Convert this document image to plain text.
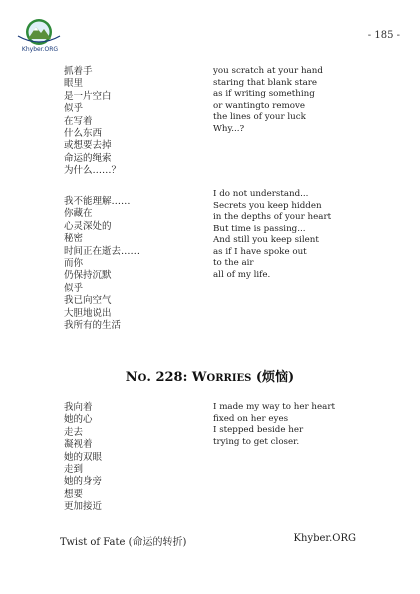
Khyber.ORG
- 185 -
抓着手
眼里
是一片空白
似乎
在写着
什么东西
或想要去掉
命运的绳索
为什么……？
you scratch at your hand
staring that blank stare
as if writing something
or wantingto remove
the lines of your luck
Why...?
我不能理解……
你藏在
心灵深处的
秘密
时间正在逝去……
而你
仍保持沉默
似乎
我已向空气
大胆地说出
我所有的生活
I do not understand...
Secrets you keep hidden
in the depths of your heart
But time is passing...
And still you keep silent
as if I have spoke out
to the air
all of my life.
NO. 228: WORRIES (烦恼)
我向着
她的心
走去
凝视着
她的双眼
走到
她的身旁
想要
更加接近
I made my way to her heart
fixed on her eyes
I stepped beside her
trying to get closer.
Twist of Fate (命运的转折)	Khyber.ORG
